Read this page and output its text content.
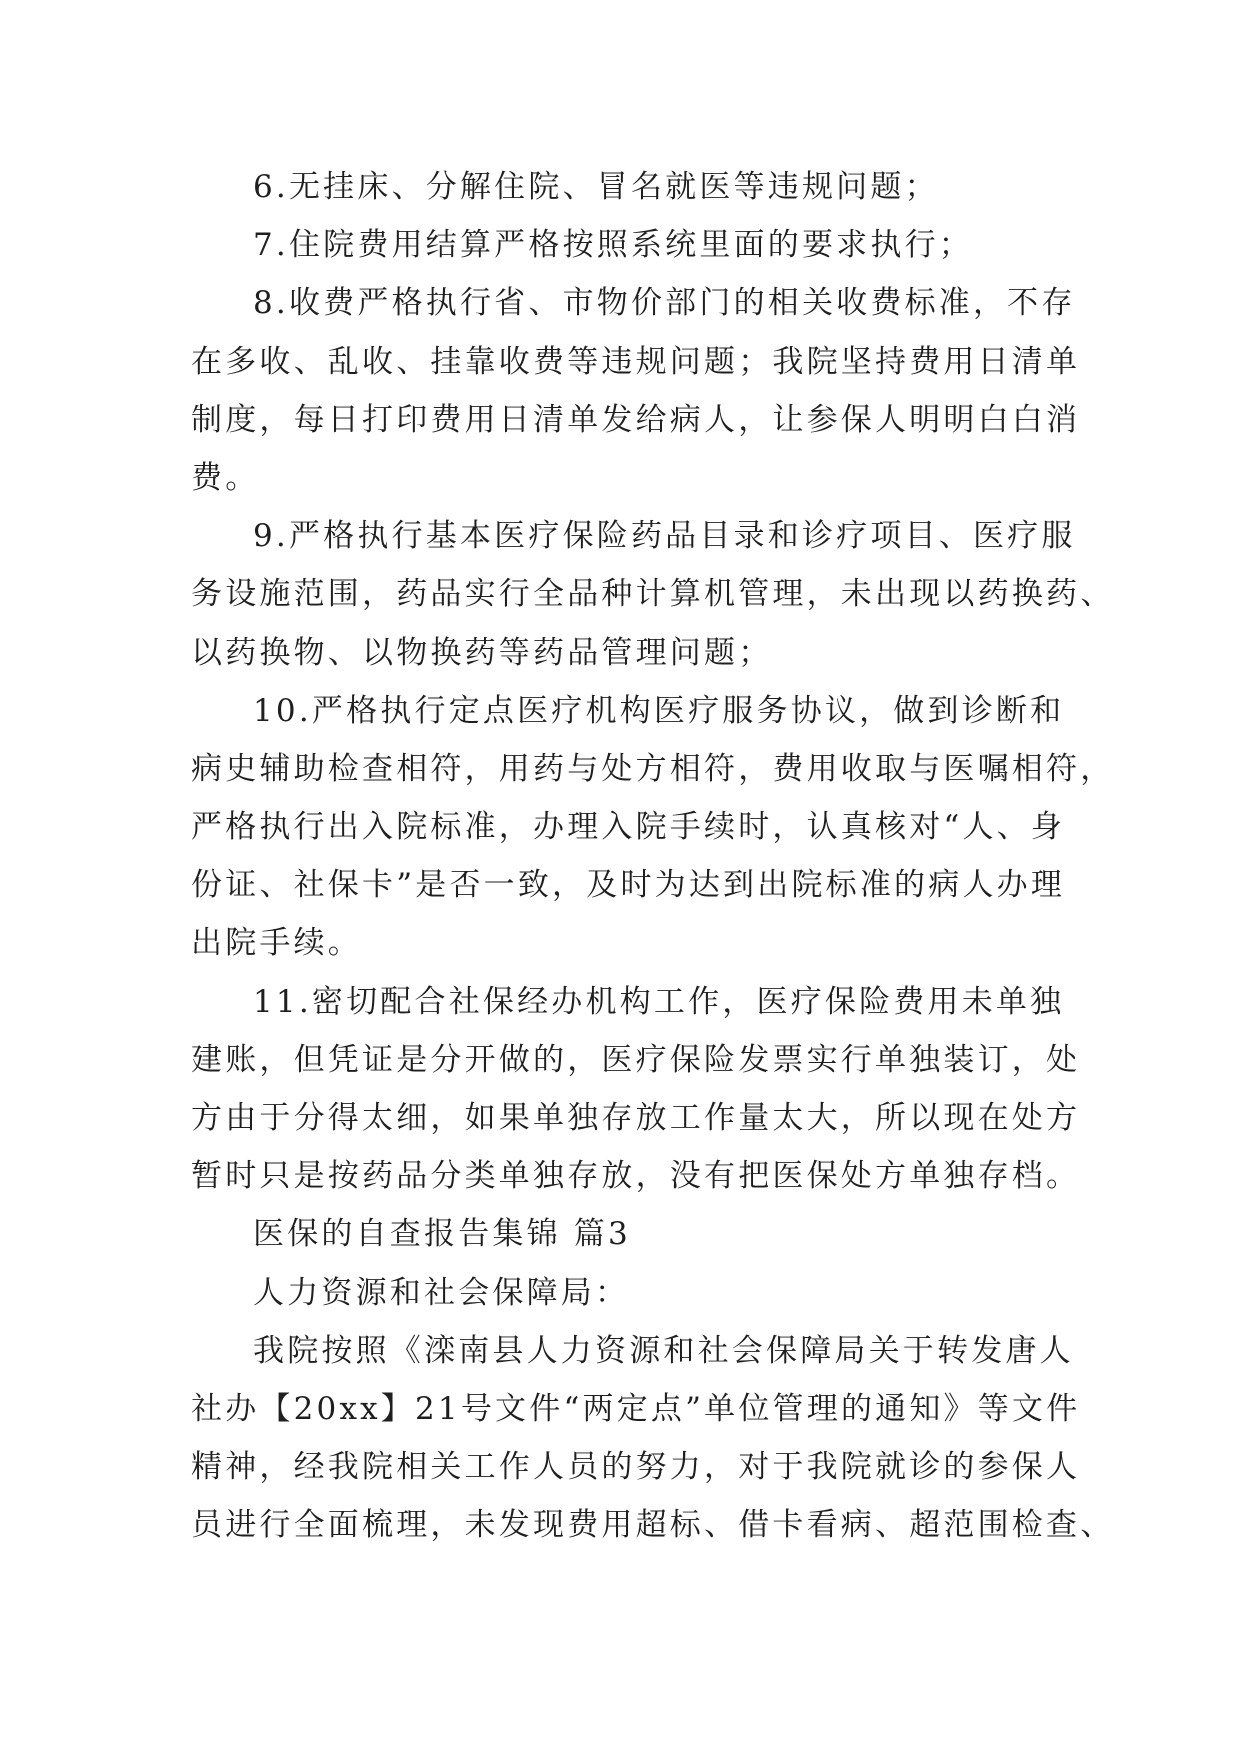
6.无挂床、分解住院、冒名就医等违规问题；
7.住院费用结算严格按照系统里面的要求执行；
8.收费严格执行省、市物价部门的相关收费标准，不存
在多收、乱收、挂靠收费等违规问题；我院坚持费用日清单
制度，每日打印费用日清单发给病人，让参保人明明白白消
费。
9.严格执行基本医疗保险药品目录和诊疗项目、医疗服
务设施范围，药品实行全品种计算机管理，未出现以药换药、
以药换物、以物换药等药品管理问题；
10.严格执行定点医疗机构医疗服务协议，做到诊断和
病史辅助检查相符，用药与处方相符，费用收取与医嘱相符，
严格执行出入院标准，办理入院手续时，认真核对“人、身
份证、社保卡”是否一致，及时为达到出院标准的病人办理
出院手续。
11.密切配合社保经办机构工作，医疗保险费用未单独
建账，但凭证是分开做的，医疗保险发票实行单独装订，处
方由于分得太细，如果单独存放工作量太大，所以现在处方
暂时只是按药品分类单独存放，没有把医保处方单独存档。
医保的自查报告集锦 篇3
人力资源和社会保障局：
我院按照《滦南县人力资源和社会保障局关于转发唐人
社办【20xx】21号文件“两定点”单位管理的通知》等文件
精神，经我院相关工作人员的努力，对于我院就诊的参保人
员进行全面梳理，未发现费用超标、借卡看病、超范围检查、
